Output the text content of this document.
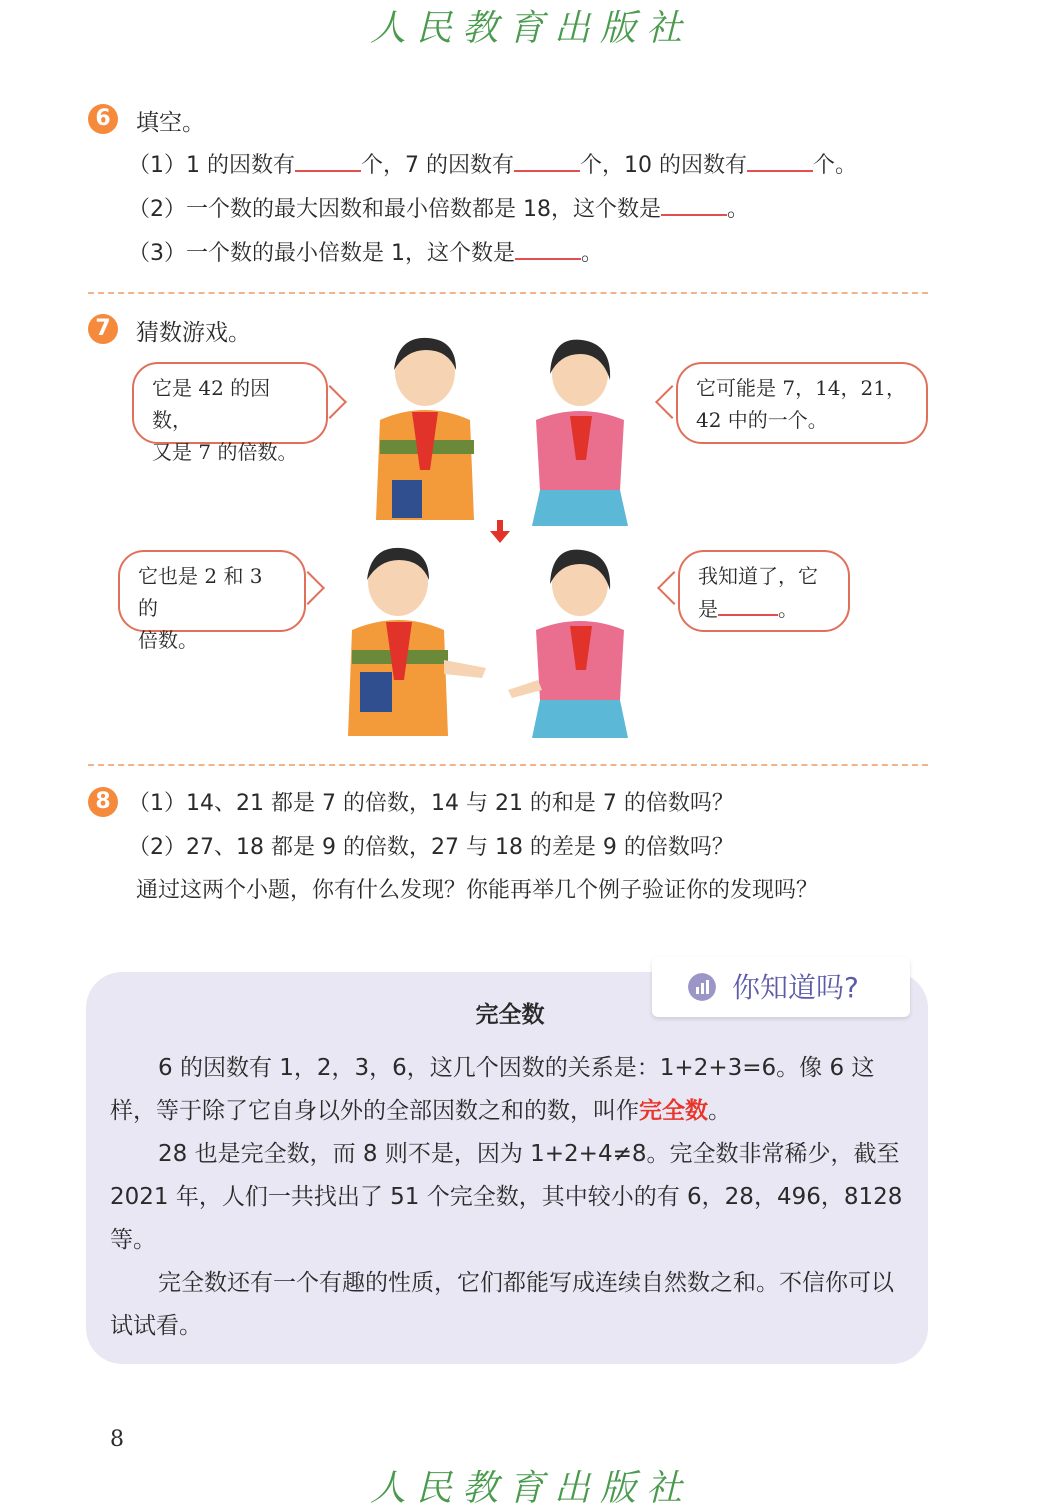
人民教育出版社
6	填空。
（1）1 的因数有	个，7 的因数有	个，10 的因数有	个。
（2）一个数的最大因数和最小倍数都是 18，这个数是	。
（3）一个数的最小倍数是 1，这个数是	。
7	猜数游戏。
它是 42 的因数，
又是 7 的倍数。
它可能是 7，14，21，
42 中的一个。
它也是 2 和 3 的
倍数。
我知道了，它
是	。
8 （1）14、21 都是 7 的倍数，14 与 21 的和是 7 的倍数吗？
（2）27、18 都是 9 的倍数，27 与 18 的差是 9 的倍数吗？
通过这两个小题，你有什么发现？你能再举几个例子验证你的发现吗？
你知道吗?
完全数
6 的因数有 1，2，3，6，这几个因数的关系是：1+2+3=6。像 6 这样，等于除了它自身以外的全部因数之和的数，叫作完全数。
28 也是完全数，而 8 则不是，因为 1+2+4≠8。完全数非常稀少，截至 2021 年，人们一共找出了 51 个完全数，其中较小的有 6，28，496，8128 等。
完全数还有一个有趣的性质，它们都能写成连续自然数之和。不信你可以试试看。
8
人民教育出版社
